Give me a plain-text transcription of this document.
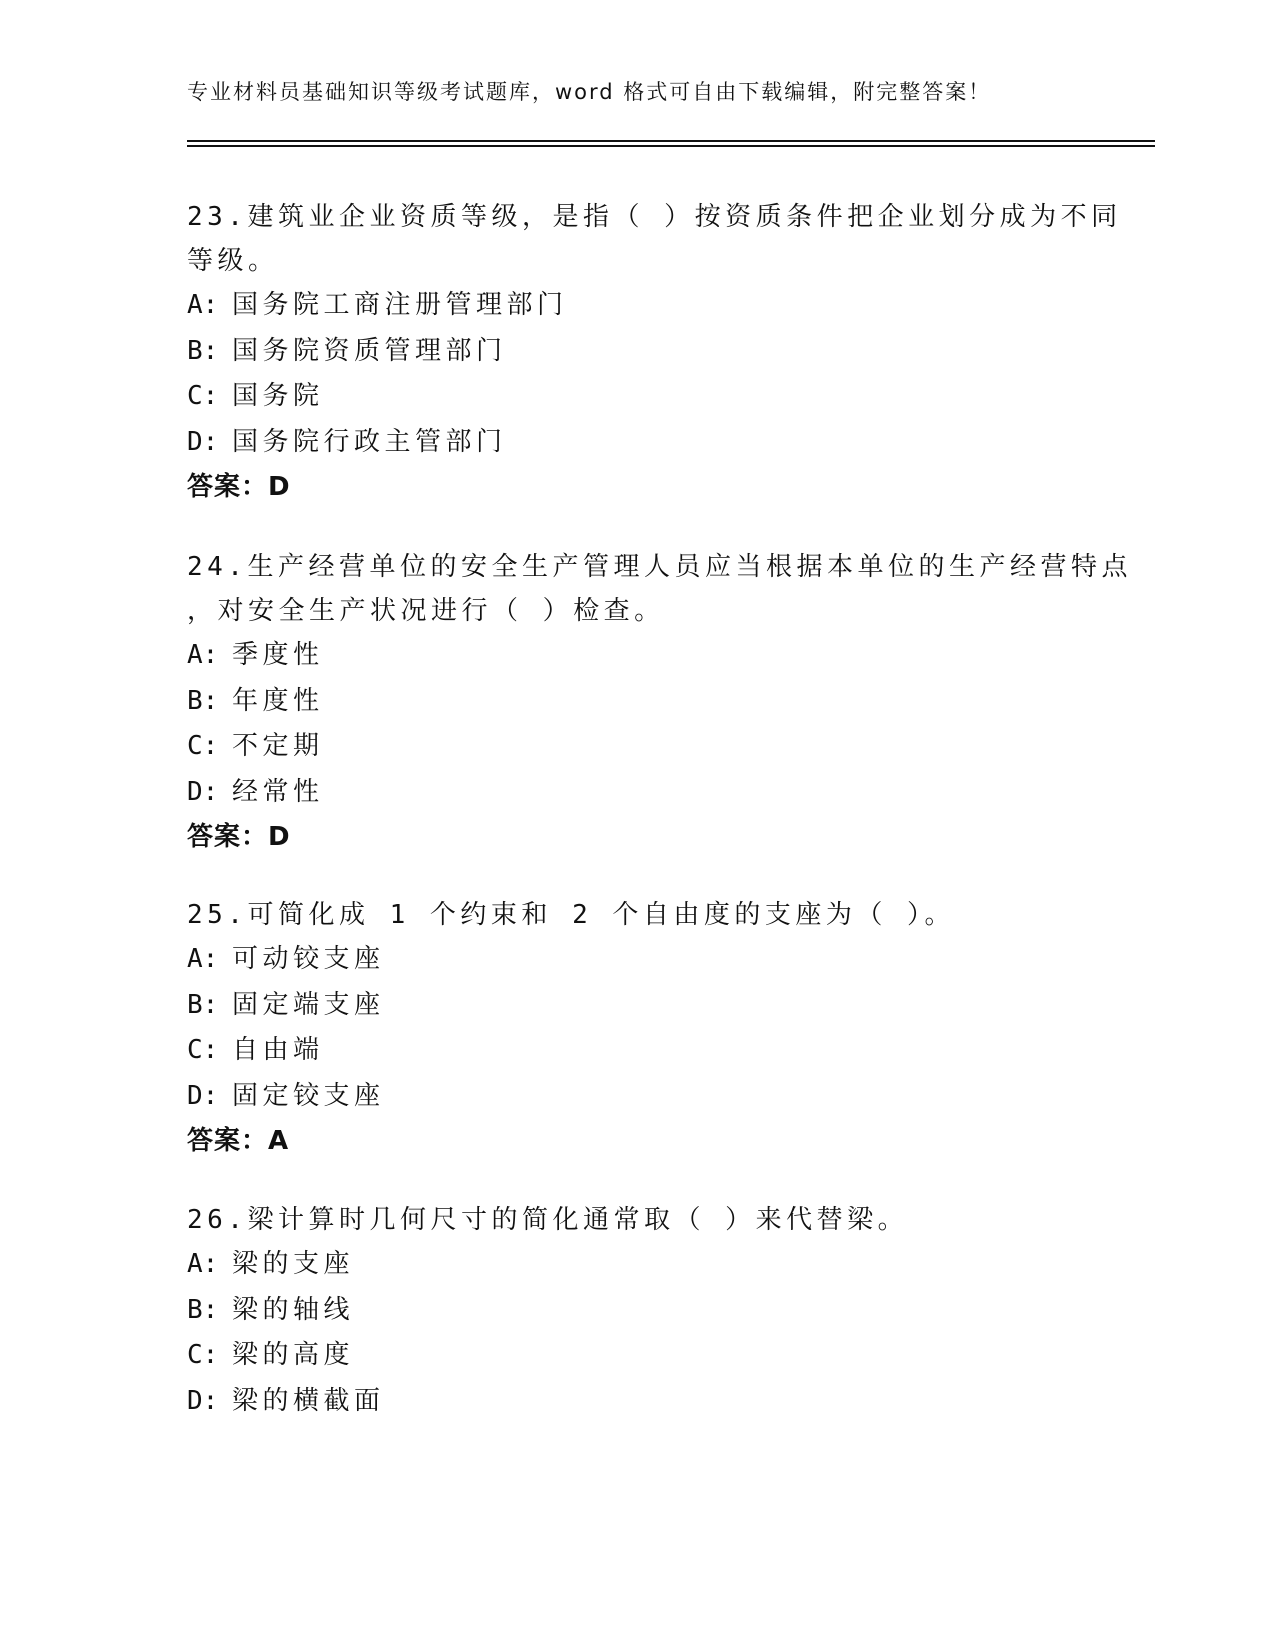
专业材料员基础知识等级考试题库，word 格式可自由下载编辑，附完整答案！
23.建筑业企业资质等级，是指（ ）按资质条件把企业划分成为不同
等级。
A: 国务院工商注册管理部门
B: 国务院资质管理部门
C: 国务院
D: 国务院行政主管部门
答案：D
24.生产经营单位的安全生产管理人员应当根据本单位的生产经营特点
，对安全生产状况进行（ ）检查。
A: 季度性
B: 年度性
C: 不定期
D: 经常性
答案：D
25.可简化成 1 个约束和 2 个自由度的支座为（ ）。
A: 可动铰支座
B: 固定端支座
C: 自由端
D: 固定铰支座
答案：A
26.梁计算时几何尺寸的简化通常取（ ）来代替梁。
A: 梁的支座
B: 梁的轴线
C: 梁的高度
D: 梁的横截面
